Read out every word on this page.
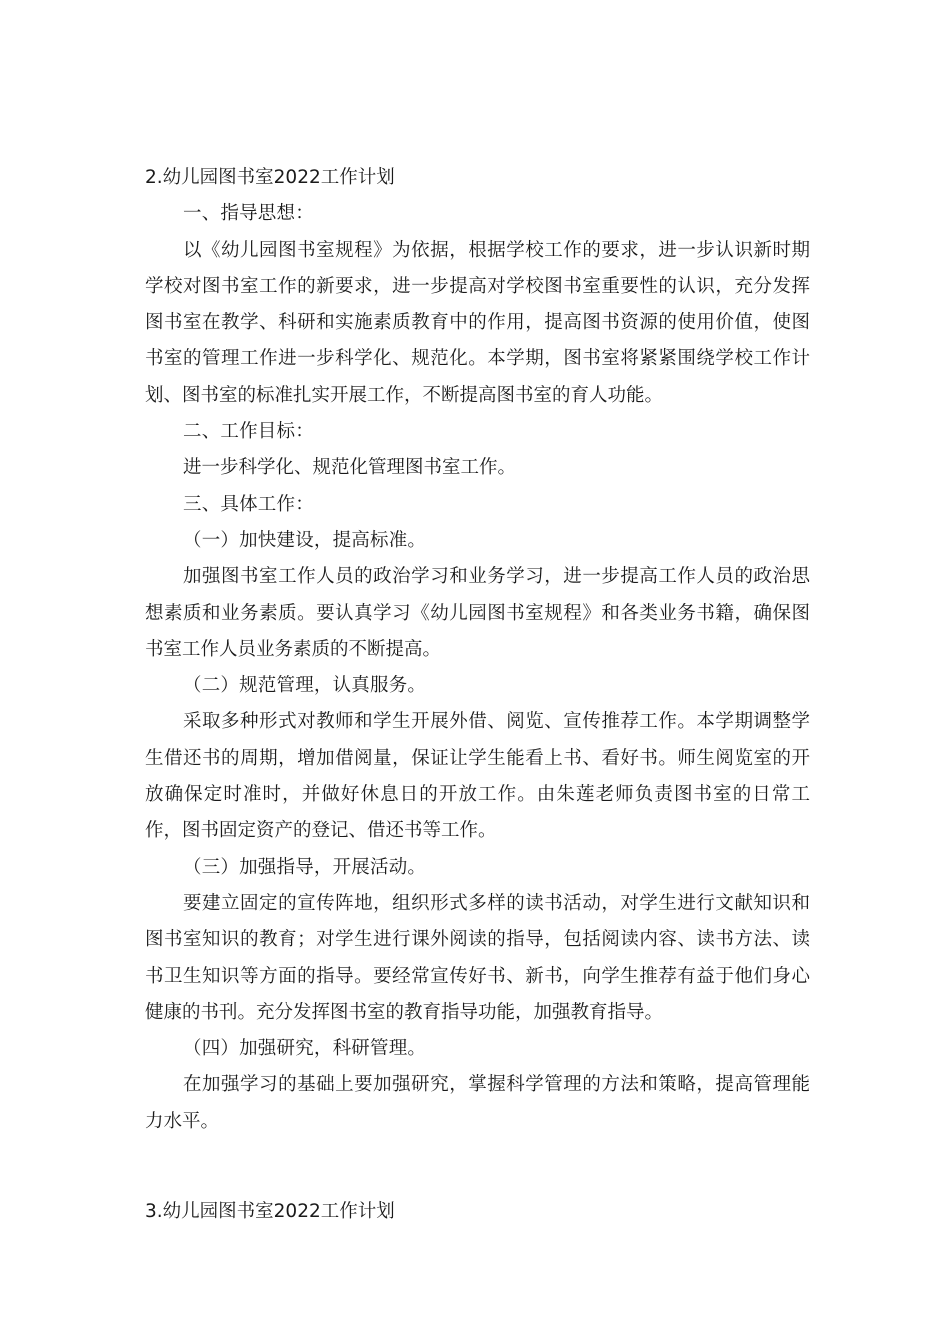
2.幼儿园图书室2022工作计划
一、指导思想：

以《幼儿园图书室规程》为依据，根据学校工作的要求，进一步认识新时期学校对图书室工作的新要求，进一步提高对学校图书室重要性的认识，充分发挥图书室在教学、科研和实施素质教育中的作用，提高图书资源的使用价值，使图书室的管理工作进一步科学化、规范化。本学期，图书室将紧紧围绕学校工作计划、图书室的标准扎实开展工作，不断提高图书室的育人功能。

二、工作目标：

进一步科学化、规范化管理图书室工作。

三、具体工作：
（一）加快建设，提高标准。

加强图书室工作人员的政治学习和业务学习，进一步提高工作人员的政治思想素质和业务素质。要认真学习《幼儿园图书室规程》和各类业务书籍，确保图书室工作人员业务素质的不断提高。

（二）规范管理，认真服务。

采取多种形式对教师和学生开展外借、阅览、宣传推荐工作。本学期调整学生借还书的周期，增加借阅量，保证让学生能看上书、看好书。师生阅览室的开放确保定时准时，并做好休息日的开放工作。由朱莲老师负责图书室的日常工作，图书固定资产的登记、借还书等工作。

（三）加强指导，开展活动。

要建立固定的宣传阵地，组织形式多样的读书活动，对学生进行文献知识和图书室知识的教育；对学生进行课外阅读的指导，包括阅读内容、读书方法、读书卫生知识等方面的指导。要经常宣传好书、新书，向学生推荐有益于他们身心健康的书刊。充分发挥图书室的教育指导功能，加强教育指导。

（四）加强研究，科研管理。

在加强学习的基础上要加强研究，掌握科学管理的方法和策略，提高管理能力水平。

3.幼儿园图书室2022工作计划
